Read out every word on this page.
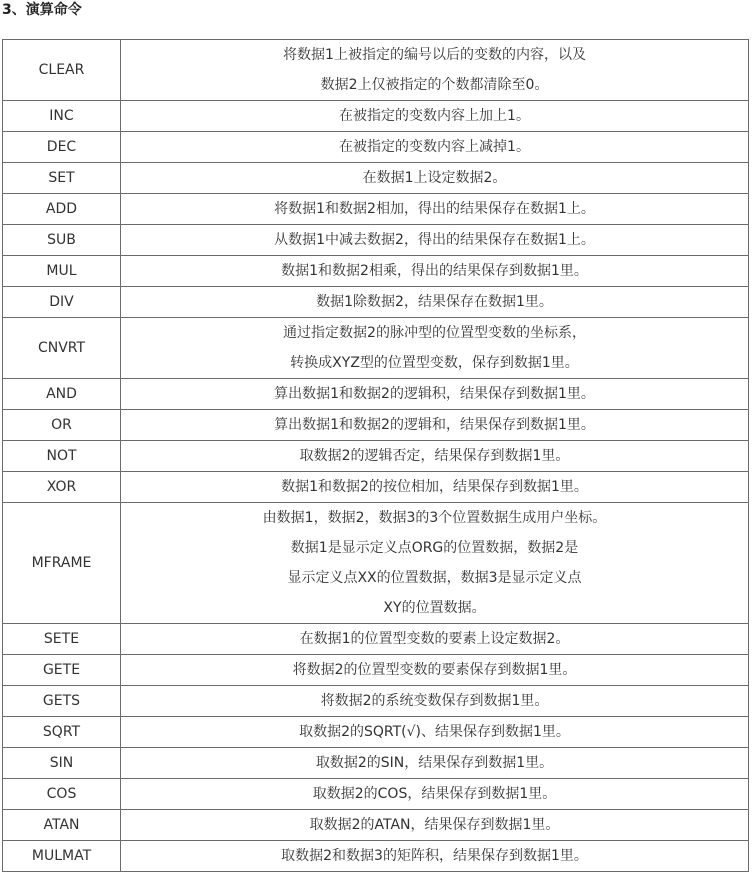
3、演算命令
CLEAR	将数据1上被指定的编号以后的变数的内容，以及
数据2上仅被指定的个数都清除至0。

INC	在被指定的变数内容上加上1。

DEC	在被指定的变数内容上减掉1。

SET	在数据1上设定数据2。

ADD	将数据1和数据2相加，得出的结果保存在数据1上。

SUB	从数据1中减去数据2，得出的结果保存在数据1上。

MUL	数据1和数据2相乘，得出的结果保存到数据1里。

DIV	数据1除数据2，结果保存在数据1里。

CNVRT	通过指定数据2的脉冲型的位置型变数的坐标系，
转换成XYZ型的位置型变数，保存到数据1里。

AND	算出数据1和数据2的逻辑积，结果保存到数据1里。

OR	算出数据1和数据2的逻辑和，结果保存到数据1里。

NOT	取数据2的逻辑否定，结果保存到数据1里。

XOR	数据1和数据2的按位相加，结果保存到数据1里。

MFRAME	由数据1，数据2，数据3的3个位置数据生成用户坐标。
数据1是显示定义点ORG的位置数据，数据2是
显示定义点XX的位置数据，数据3是显示定义点
XY的位置数据。

SETE	在数据1的位置型变数的要素上设定数据2。

GETE	将数据2的位置型变数的要素保存到数据1里。

GETS	将数据2的系统变数保存到数据1里。

SQRT	取数据2的SQRT(√)、结果保存到数据1里。

SIN	取数据2的SIN，结果保存到数据1里。

COS	取数据2的COS，结果保存到数据1里。

ATAN	取数据2的ATAN，结果保存到数据1里。

MULMAT	取数据2和数据3的矩阵积，结果保存到数据1里。
